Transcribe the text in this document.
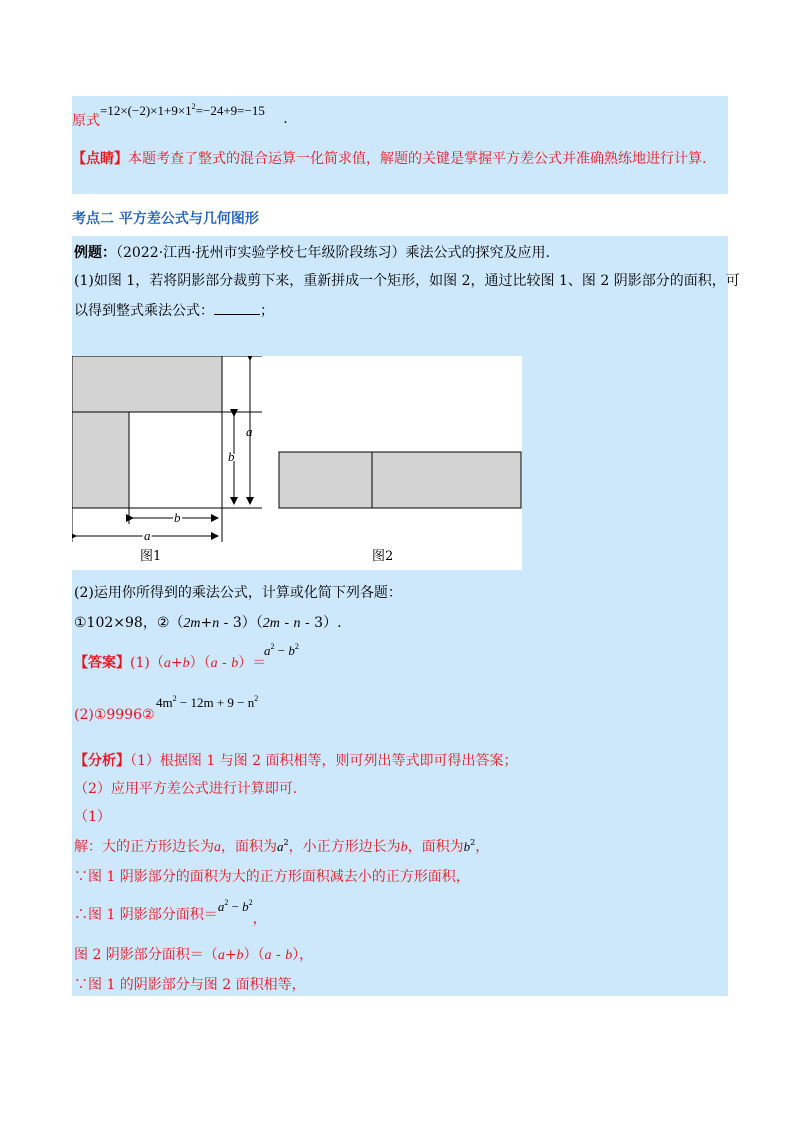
原式$=12\times(-2)\times 1+9\times 1^2=-24+9=-15$ .
【点睛】本题考查了整式的混合运算一化简求值，解题的关键是掌握平方差公式并准确熟练地进行计算.
考点二 平方差公式与几何图形
例题：（2022·江西·抚州市实验学校七年级阶段练习）乘法公式的探究及应用.
(1)如图 1，若将阴影部分裁剪下来，重新拼成一个矩形，如图 2，通过比较图 1、图 2 阴影部分的面积，可
以得到整式乘法公式：	；
a
b
b
a
图1	图2
(2)运用你所得到的乘法公式，计算或化简下列各题：
①102×98，②（2m+n - 3）（2m - n - 3）.
【答案】(1)（a+b）（a - b）＝
$a^2 - b^2$
(2)①9996②
$4m^2 - 12m + 9 - n^2$
【分析】（1）根据图 1 与图 2 面积相等，则可列出等式即可得出答案；
（2）应用平方差公式进行计算即可.
（1）
解：大的正方形边长为a，面积为$a^2$，小正方形边长为b，面积为$b^2$，
∵图 1 阴影部分的面积为大的正方形面积减去小的正方形面积，
∴图 1 阴影部分面积$=a^2 - b^2$，
图 2 阴影部分面积＝（a+b）（a - b），
∵图 1 的阴影部分与图 2 面积相等，
